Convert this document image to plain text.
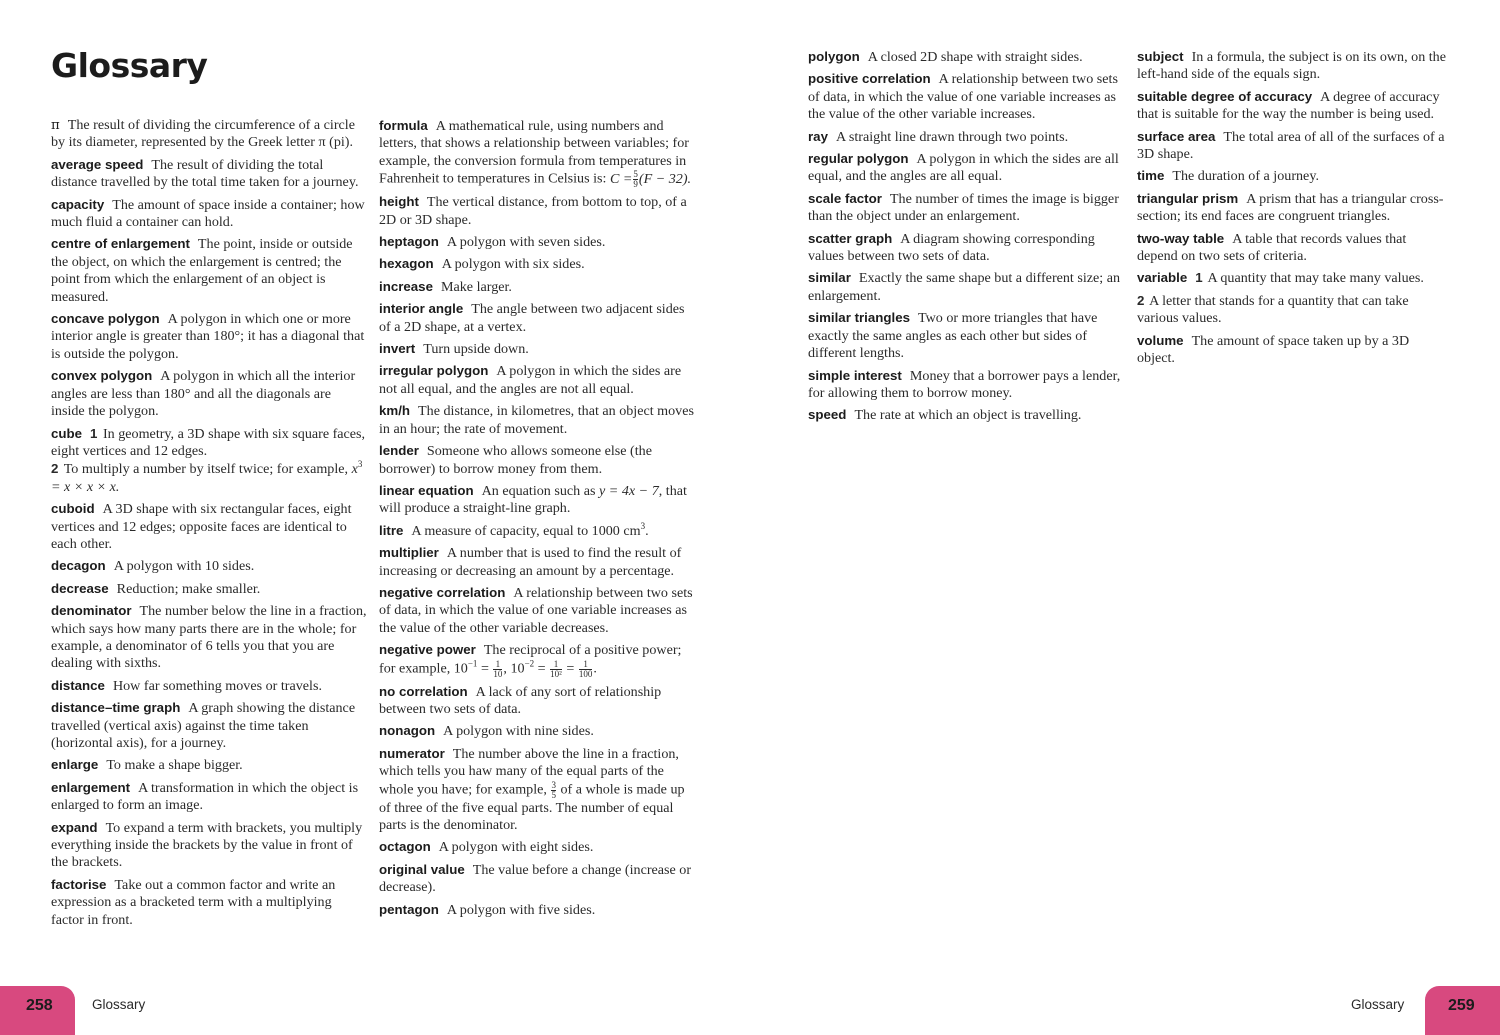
Glossary

π The result of dividing the circumference of a circle by its diameter, represented by the Greek letter π (pi).

average speed The result of dividing the total distance travelled by the total time taken for a journey.

capacity The amount of space inside a container; how much fluid a container can hold.

centre of enlargement The point, inside or outside the object, on which the enlargement is centred; the point from which the enlargement of an object is measured.

concave polygon A polygon in which one or more interior angle is greater than 180°; it has a diagonal that is outside the polygon.

convex polygon A polygon in which all the interior angles are less than 180° and all the diagonals are inside the polygon.

cube 1 In geometry, a 3D shape with six square faces, eight vertices and 12 edges.

2 To multiply a number by itself twice; for example, $x^3 = x \times x \times x$.

cuboid A 3D shape with six rectangular faces, eight vertices and 12 edges; opposite faces are identical to each other.

decagon A polygon with 10 sides.

decrease Reduction; make smaller.

denominator The number below the line in a fraction, which says how many parts there are in the whole; for example, a denominator of 6 tells you that you are dealing with sixths.

distance How far something moves or travels.

distance–time graph A graph showing the distance travelled (vertical axis) against the time taken (horizontal axis), for a journey.

enlarge To make a shape bigger.

enlargement A transformation in which the object is enlarged to form an image.

expand To expand a term with brackets, you multiply everything inside the brackets by the value in front of the brackets.

factorise Take out a common factor and write an expression as a bracketed term with a multiplying factor in front.

formula A mathematical rule, using numbers and letters, that shows a relationship between variables; for example, the conversion formula from temperatures in Fahrenheit to temperatures in Celsius is: $C = \frac{5}{9} (F - 32)$.

height The vertical distance, from bottom to top, of a 2D or 3D shape.

heptagon A polygon with seven sides.

hexagon A polygon with six sides.

increase Make larger.

interior angle The angle between two adjacent sides of a 2D shape, at a vertex.

invert Turn upside down.

irregular polygon A polygon in which the sides are not all equal, and the angles are not all equal.

km/h The distance, in kilometres, that an object moves in an hour; the rate of movement.

lender Someone who allows someone else (the borrower) to borrow money from them.

linear equation An equation such as y = 4x − 7, that will produce a straight-line graph.

litre A measure of capacity, equal to 1000 $cm^3$.

multiplier A number that is used to find the result of increasing or decreasing an amount by a percentage.

negative correlation A relationship between two sets of data, in which the value of one variable increases as the value of the other variable decreases.

negative power The reciprocal of a positive power; for example, $10^{-1} = \frac{1}{10}$ , $10^{-2} = \frac{1}{\text{10²}} = \frac{1}{100}$ .

no correlation A lack of any sort of relationship between two sets of data.

nonagon A polygon with nine sides.

numerator The number above the line in a fraction, which tells you haw many of the equal parts of the whole you have; for example, $\frac{3}{5}$ of a whole is made up of three of the five equal parts. The number of equal parts is the denominator.

octagon A polygon with eight sides.

original value The value before a change (increase or decrease).

pentagon A polygon with five sides.

polygon A closed 2D shape with straight sides.

positive correlation A relationship between two sets of data, in which the value of one variable increases as the value of the other variable increases.

ray A straight line drawn through two points.

regular polygon A polygon in which the sides are all equal, and the angles are all equal.

scale factor The number of times the image is bigger than the object under an enlargement.

scatter graph A diagram showing corresponding values between two sets of data.

similar Exactly the same shape but a different size; an enlargement.

similar triangles Two or more triangles that have exactly the same angles as each other but sides of different lengths.

simple interest Money that a borrower pays a lender, for allowing them to borrow money.

speed The rate at which an object is travelling.

subject In a formula, the subject is on its own, on the left-hand side of the equals sign.

suitable degree of accuracy A degree of accuracy that is suitable for the way the number is being used.

surface area The total area of all of the surfaces of a 3D shape.

time The duration of a journey.

triangular prism A prism that has a triangular cross-section; its end faces are congruent triangles.

two-way table A table that records values that depend on two sets of criteria.

variable 1 A quantity that may take many values.

2 A letter that stands for a quantity that can take various values.

volume The amount of space taken up by a 3D object.

258	Glossary	Glossary	259
